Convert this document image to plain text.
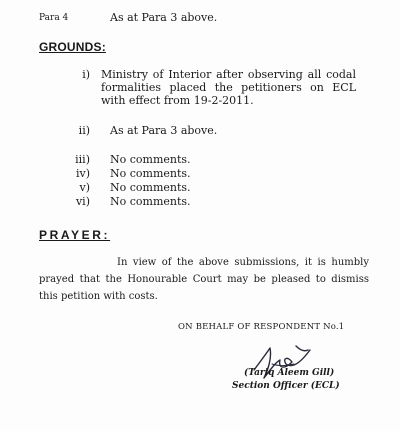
Para 4	As at Para 3 above.
GROUNDS:
i) Ministry of Interior after observing all codal formalities placed the petitioners on ECL with effect from 19-2-2011.
ii) As at Para 3 above.
iii) No comments.
iv) No comments.
v) No comments.
vi) No comments.
PRAYER:
In view of the above submissions, it is humbly prayed that the Honourable Court may be pleased to dismiss this petition with costs.
ON BEHALF OF RESPONDENT No.1
(Tariq Aleem Gill)
Section Officer (ECL)
